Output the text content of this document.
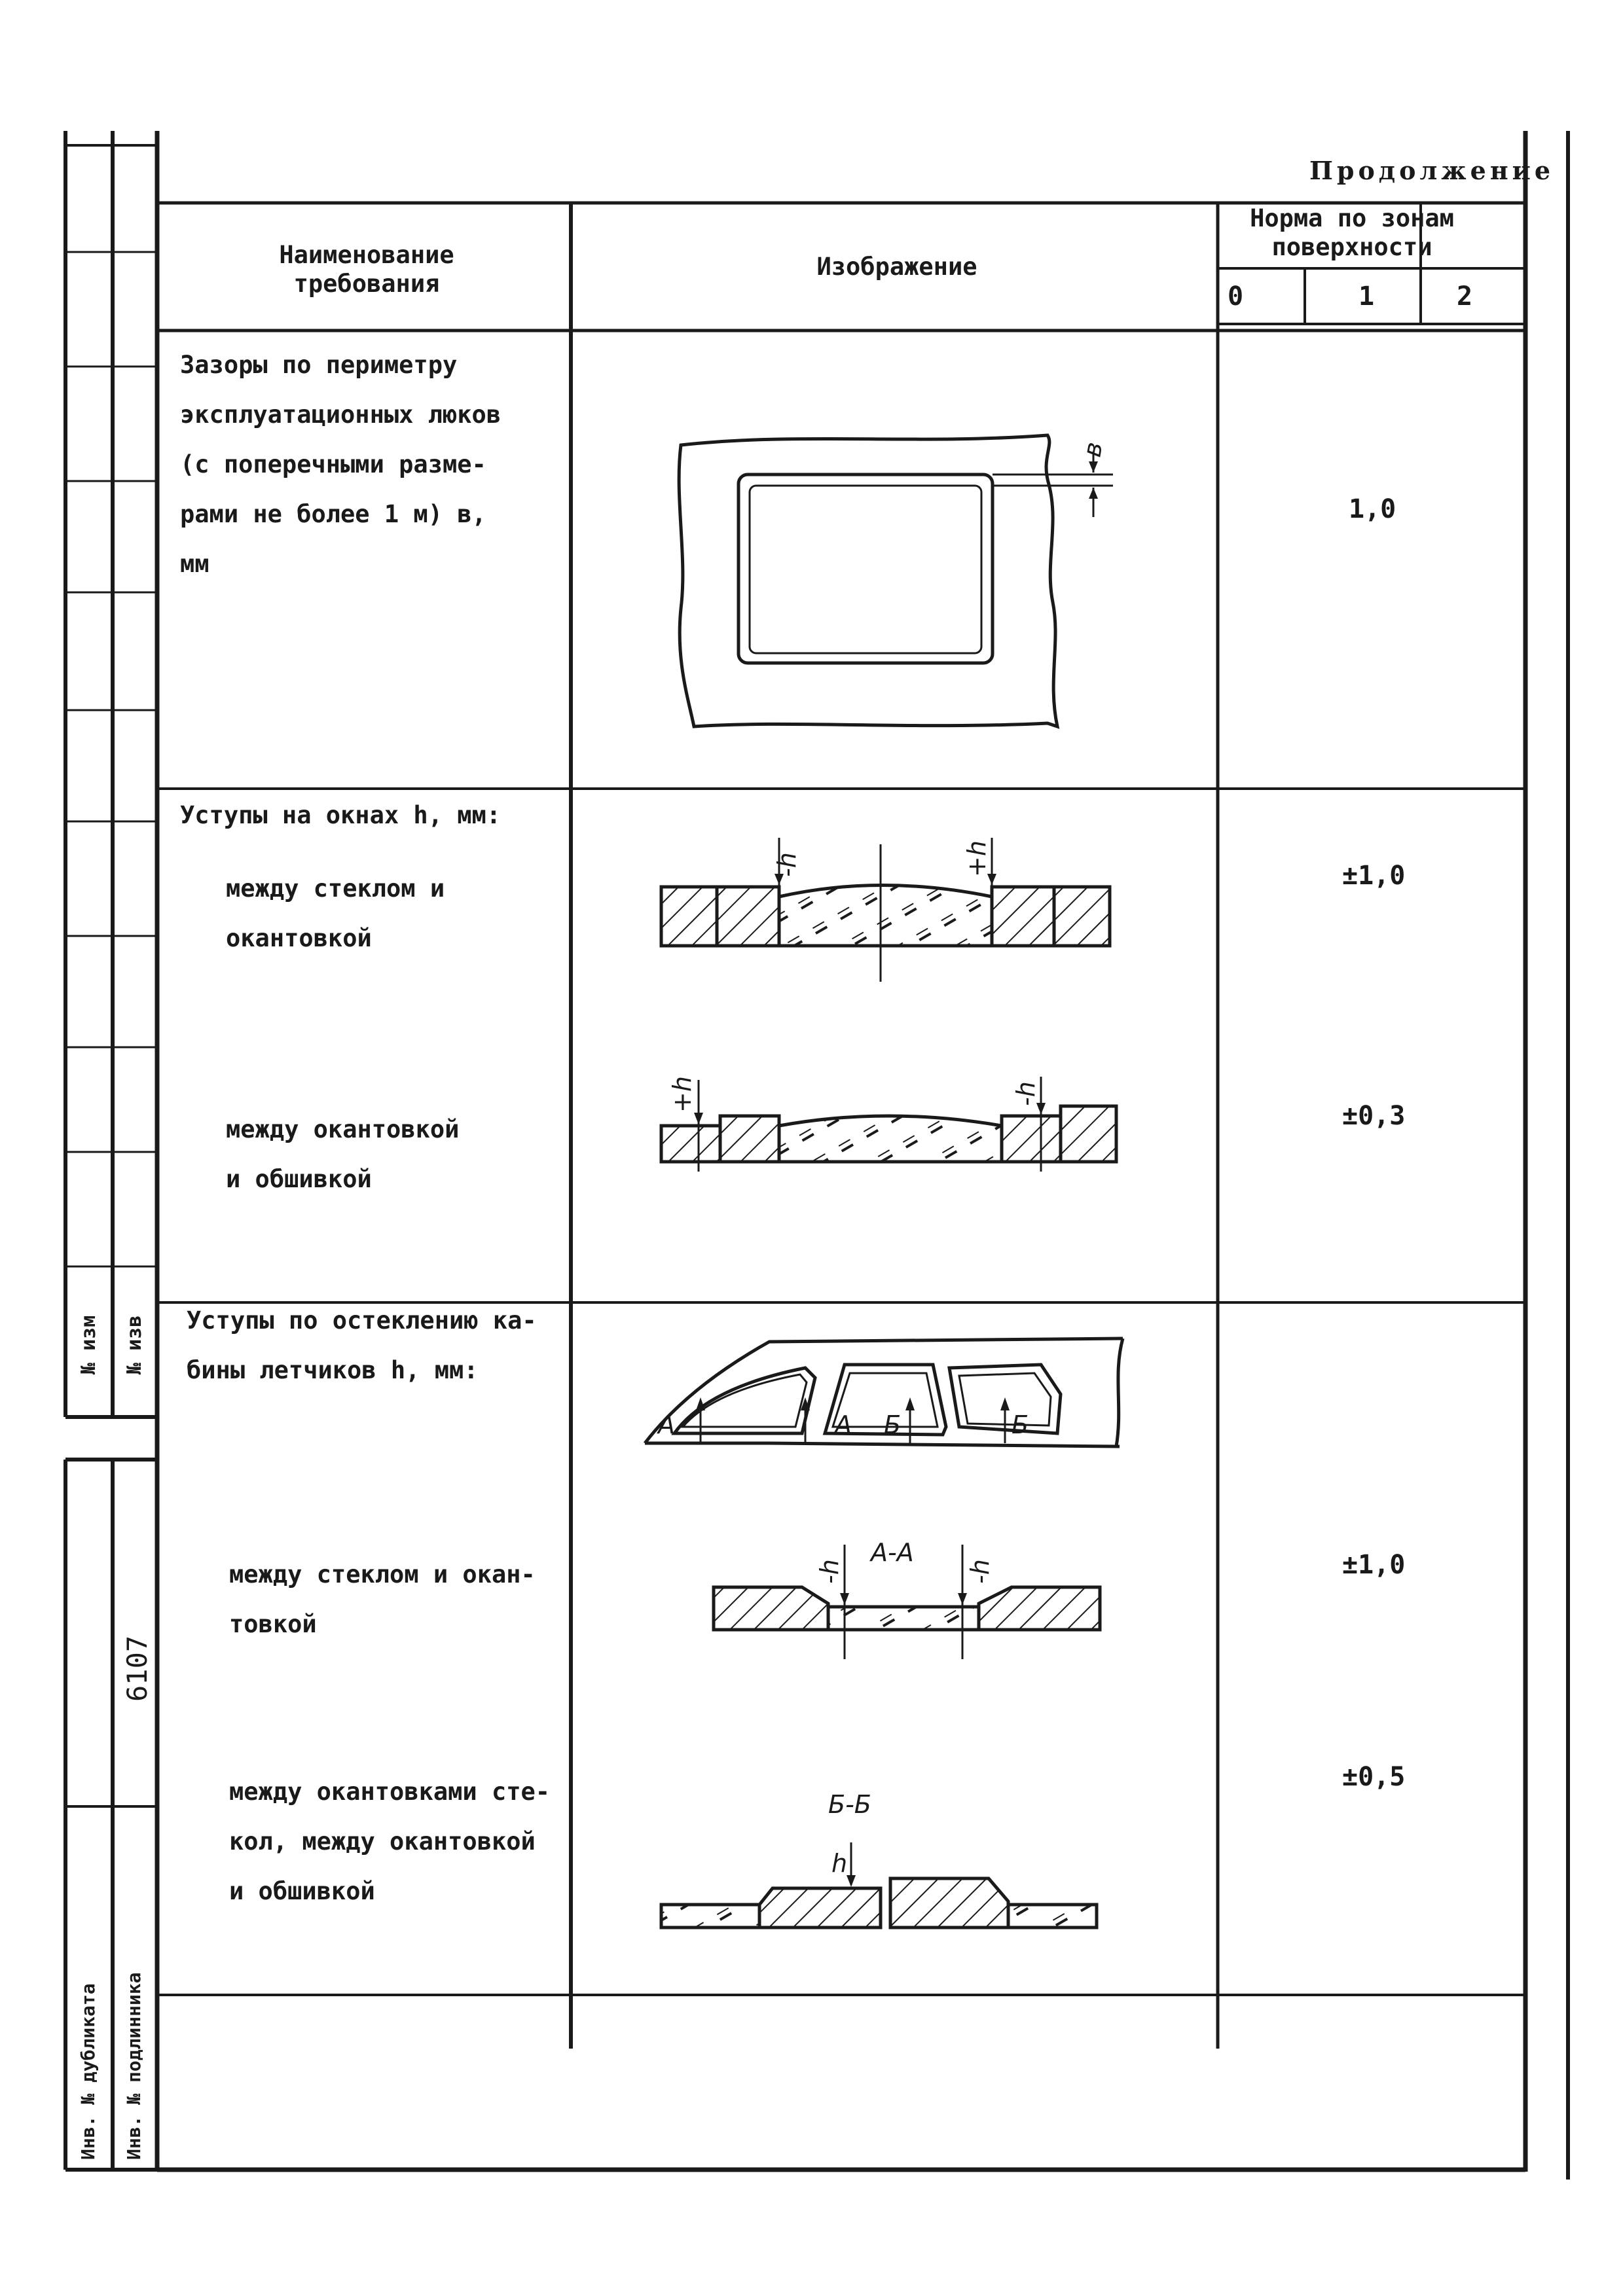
в
-h	+h
+h	-h
А	А Б	Б
-h	-h
А-А
h
Б-Б
Продолжение
Наименование требования
Изображение
Норма по зонам поверхности
0	1	2
Зазоры по периметру
эксплуатационных люков
(с поперечными разме-
рами не более 1 м) в,
мм
1,0
Уступы на окнах h, мм:
между стеклом и
окантовкой
±1,0
между окантовкой
и обшивкой
±0,3
Уступы по остеклению ка-
бины летчиков h, мм:
между стеклом и окан-
товкой
±1,0
между окантовками сте-
кол, между окантовкой
и обшивкой
±0,5
№ изм № изв
6107
Инв. № дубликата Инв. № подлинника
